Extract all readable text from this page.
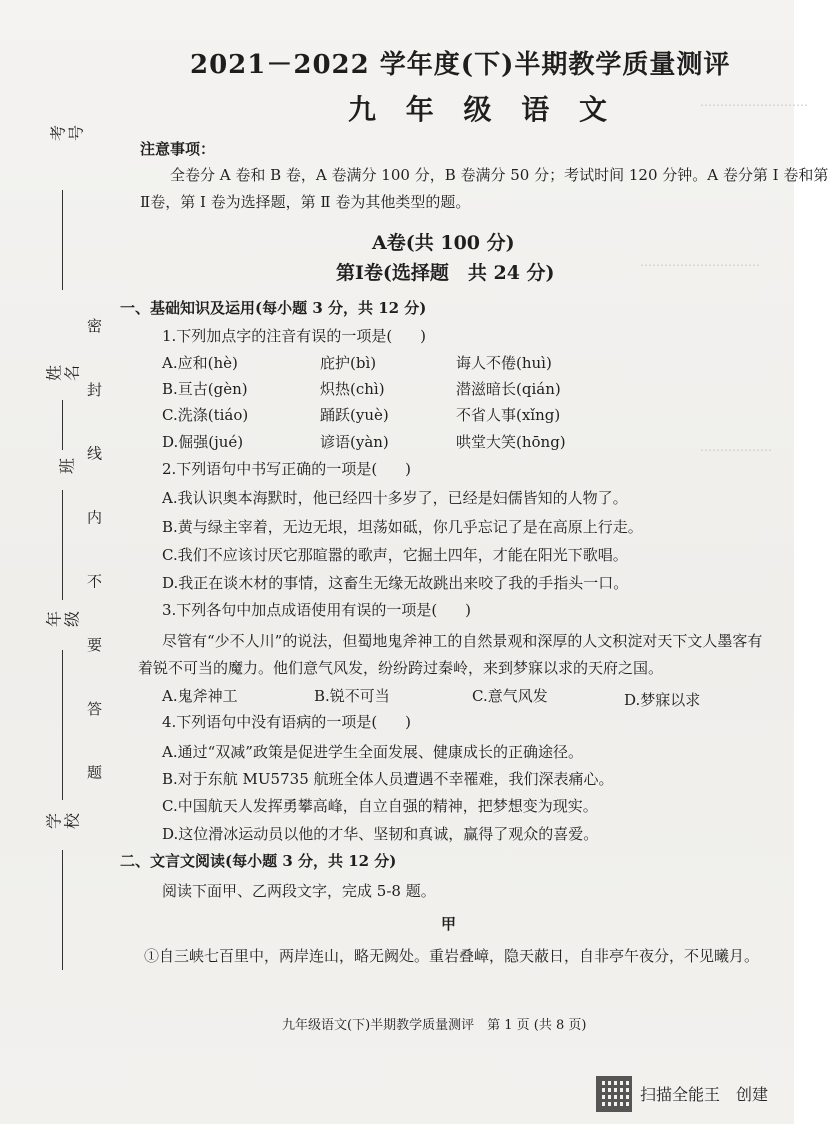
考号
姓名
班
年级
学校
密 封 线 内 不 要 答 题
………………………
…………………………
………………
2021－2022 学年度(下)半期教学质量测评
九 年 级 语 文
注意事项：
全卷分 A 卷和 B 卷，A 卷满分 100 分，B 卷满分 50 分；考试时间 120 分钟。A 卷分第 Ⅰ 卷和第
Ⅱ卷，第 Ⅰ 卷为选择题，第 Ⅱ 卷为其他类型的题。
A卷(共 100 分)
第Ⅰ卷(选择题　共 24 分)
一、基础知识及运用(每小题 3 分，共 12 分)
1.下列加点字的注音有误的一项是( )
A.应和(hè)	庇护(bì)	诲人不倦(huì)
B.亘古(gèn)	炽热(chì)	潜滋暗长(qián)
C.洗涤(tiáo)	踊跃(yuè)	不省人事(xǐng)
D.倔强(jué)	谚语(yàn)	哄堂大笑(hōng)
2.下列语句中书写正确的一项是( )
A.我认识奥本海默时，他已经四十多岁了，已经是妇儒皆知的人物了。
B.黄与绿主宰着，无边无垠，坦荡如砥，你几乎忘记了是在高原上行走。
C.我们不应该讨厌它那暄嚣的歌声，它掘土四年，才能在阳光下歌唱。
D.我正在谈木材的事情，这畜生无缘无故跳出来咬了我的手指头一口。
3.下列各句中加点成语使用有误的一项是( )
尽管有“少不人川”的说法，但蜀地鬼斧神工的自然景观和深厚的人文积淀对天下文人墨客有
着锐不可当的魔力。他们意气风发，纷纷跨过秦岭，来到梦寐以求的天府之国。
A.鬼斧神工	B.锐不可当	C.意气风发	D.梦寐以求
4.下列语句中没有语病的一项是( )
A.通过“双减”政策是促进学生全面发展、健康成长的正确途径。
B.对于东航 MU5735 航班全体人员遭遇不幸罹难，我们深表痛心。
C.中国航天人发挥勇攀高峰，自立自强的精神，把梦想变为现实。
D.这位滑冰运动员以他的才华、坚韧和真诚，赢得了观众的喜爱。
二、文言文阅读(每小题 3 分，共 12 分)
阅读下面甲、乙两段文字，完成 5-8 题。
甲
①自三峡七百里中，两岸连山，略无阙处。重岩叠嶂，隐天蔽日，自非亭午夜分，不见曦月。
九年级语文(下)半期教学质量测评　第 1 页 (共 8 页)
扫描全能王　创建
